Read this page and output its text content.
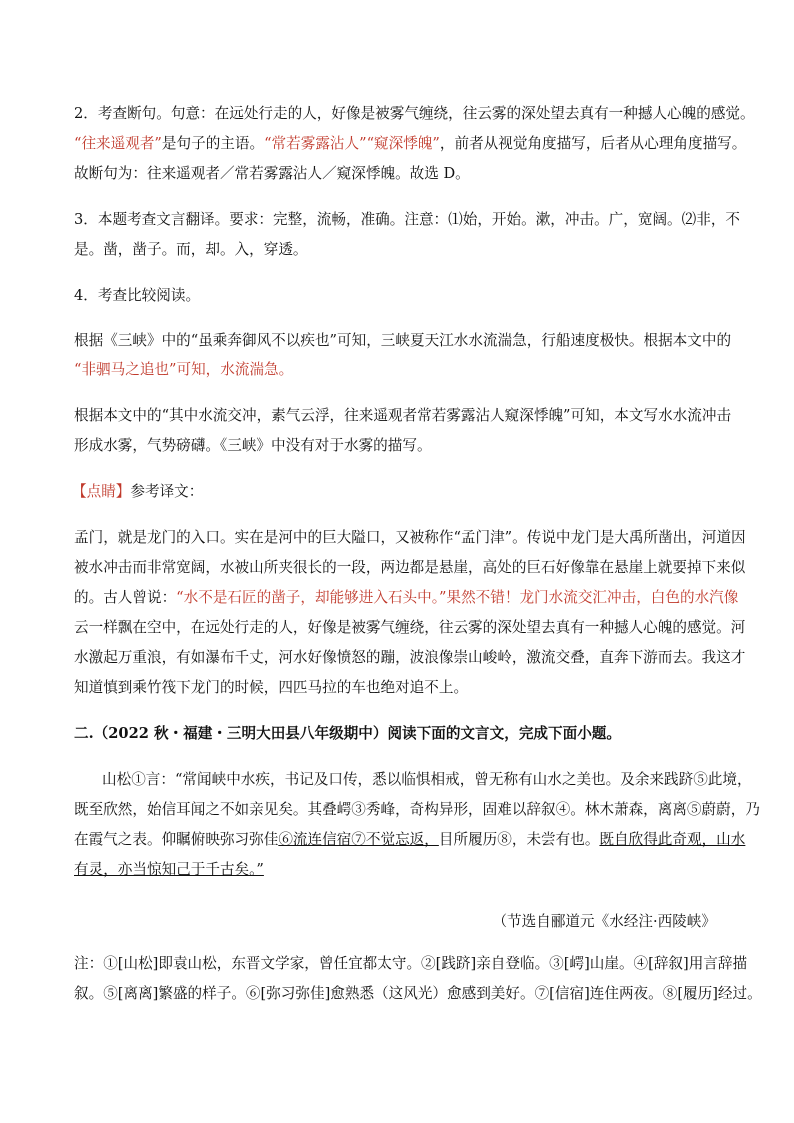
2．考查断句。句意：在远处行走的人，好像是被雾气缠绕，往云雾的深处望去真有一种撼人心魄的感觉。
“往来遥观者”是句子的主语。“常若雾露沾人”“窥深悸魄”，前者从视觉角度描写，后者从心理角度描写。
故断句为：往来遥观者／常若雾露沾人／窥深悸魄。故选 D。
3．本题考查文言翻译。要求：完整，流畅，准确。注意：⑴始，开始。漱，冲击。广，宽阔。⑵非，不
是。凿，凿子。而，却。入，穿透。
4．考查比较阅读。
根据《三峡》中的“虽乘奔御风不以疾也”可知，三峡夏天江水水流湍急，行船速度极快。根据本文中的
“非驷马之追也”可知，水流湍急。
根据本文中的“其中水流交冲，素气云浮，往来遥观者常若雾露沾人窥深悸魄”可知，本文写水水流冲击
形成水雾，气势磅礴。《三峡》中没有对于水雾的描写。
【点睛】参考译文：
孟门，就是龙门的入口。实在是河中的巨大隘口，又被称作“孟门津”。传说中龙门是大禹所凿出，河道因
被水冲击而非常宽阔，水被山所夹很长的一段，两边都是悬崖，高处的巨石好像靠在悬崖上就要掉下来似
的。古人曾说：“水不是石匠的凿子，却能够进入石头中。”果然不错！龙门水流交汇冲击，白色的水汽像
云一样飘在空中，在远处行走的人，好像是被雾气缠绕，往云雾的深处望去真有一种撼人心魄的感觉。河
水激起万重浪，有如瀑布千丈，河水好像愤怒的蹦，波浪像崇山峻岭，激流交叠，直奔下游而去。我这才
知道慎到乘竹筏下龙门的时候，四匹马拉的车也绝对追不上。
二.（2022 秋・福建・三明大田县八年级期中）阅读下面的文言文，完成下面小题。
山松①言：“常闻峡中水疾，书记及口传，悉以临惧相戒，曾无称有山水之美也。及余来践跻⑤此境，
既至欣然，始信耳闻之不如亲见矣。其叠崿③秀峰，奇构异形，固难以辞叙④。林木萧森，离离⑤蔚蔚，乃
在霞气之表。仰瞩俯映弥习弥佳⑥流连信宿⑦不觉忘返，目所履历⑧，未尝有也。既自欣得此奇观，山水
有灵，亦当惊知己于千古矣。”
（节选自郦道元《水经注·西陵峡》
注：①[山松]即袁山松，东晋文学家，曾任宜都太守。②[践跻]亲自登临。③[崿]山崖。④[辞叙]用言辞描
叙。⑤[离离]繁盛的样子。⑥[弥习弥佳]愈熟悉（这风光）愈感到美好。⑦[信宿]连住两夜。⑧[履历]经过。
